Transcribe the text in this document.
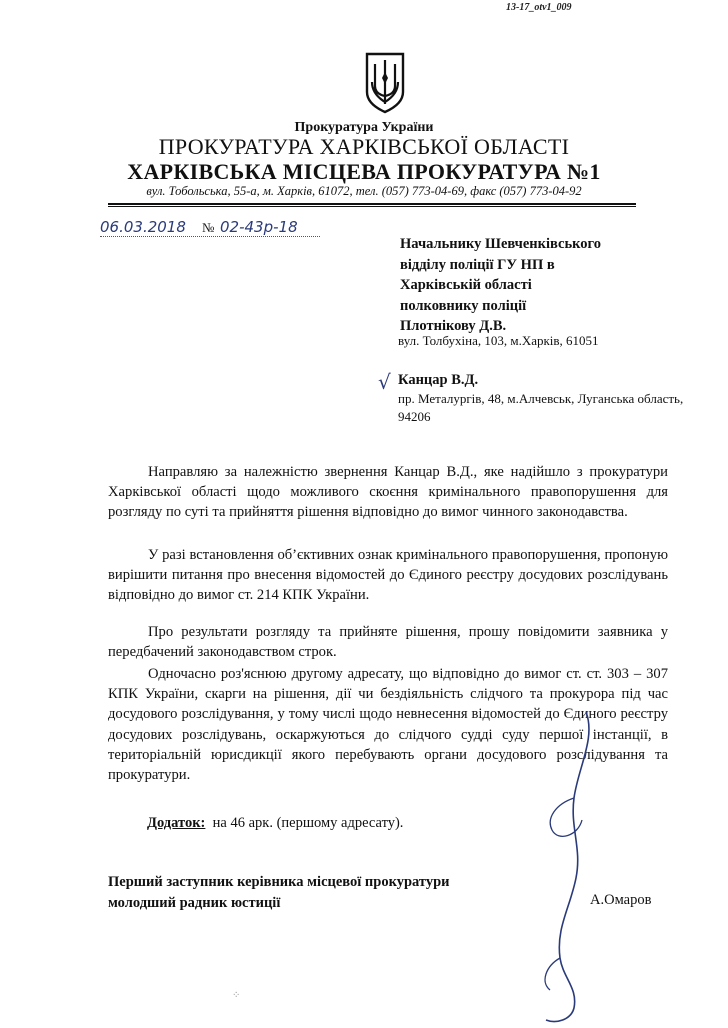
13-17_otv1_009
Прокуратура України
ПРОКУРАТУРА ХАРКІВСЬКОЇ ОБЛАСТІ
ХАРКІВСЬКА МІСЦЕВА ПРОКУРАТУРА №1
вул. Тобольська, 55-а, м. Харків, 61072, тел. (057) 773-04-69, факс (057) 773-04-92
06.03.2018 № 02-43р-18
Начальнику Шевченківського
відділу поліції ГУ НП в
Харківській області
полковнику поліції
Плотнікову Д.В.
вул. Толбухіна, 103, м.Харків, 61051
√ Канцар В.Д.
пр. Металургів, 48, м.Алчевськ, Луганська область, 94206

Направляю за належністю звернення Канцар В.Д., яке надійшло з прокуратури Харківської області щодо можливого скоєння кримінального правопорушення для розгляду по суті та прийняття рішення відповідно до вимог чинного законодавства.

У разі встановлення об’єктивних ознак кримінального правопорушення, пропоную вирішити питання про внесення відомостей до Єдиного реєстру досудових розслідувань відповідно до вимог ст. 214 КПК України.

Про результати розгляду та прийняте рішення, прошу повідомити заявника у передбачений законодавством строк.

Одночасно роз'яснюю другому адресату, що відповідно до вимог ст. ст. 303 – 307 КПК України, скарги на рішення, дії чи бездіяльність слідчого та прокурора під час досудового розслідування, у тому числі щодо невнесення відомостей до Єдиного реєстру досудових розслідувань, оскаржуються до слідчого судді суду першої інстанції, в територіальній юрисдикції якого перебувають органи досудового розслідування та прокуратури.

Додаток: на 46 арк. (першому адресату).
Перший заступник керівника місцевої прокуратури
молодший радник юстиції	А.Омаров
⁘
